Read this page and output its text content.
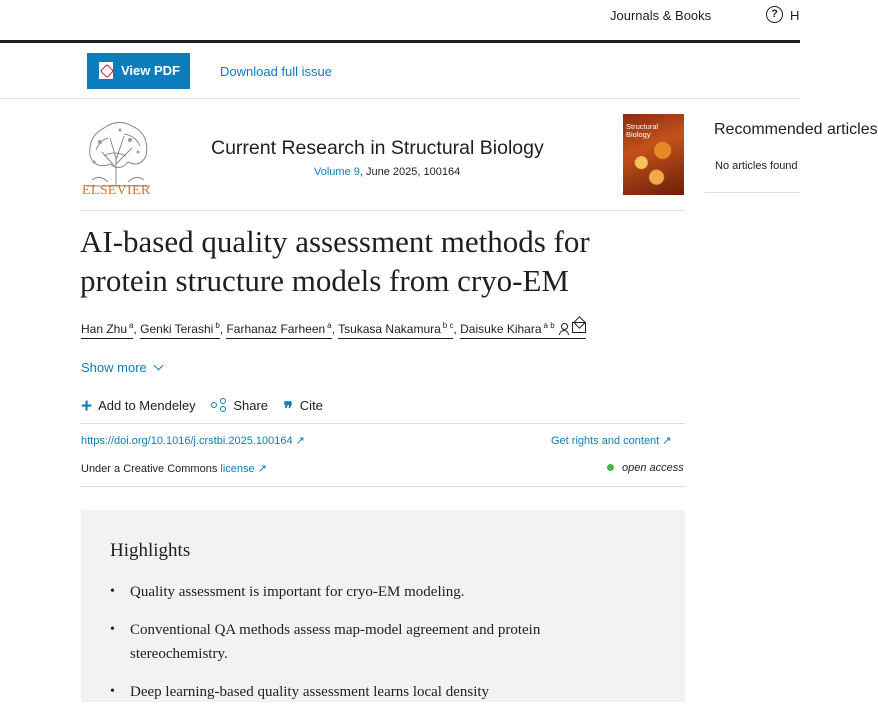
Journals & Books	? H
View PDF	Download full issue
ELSEVIER
Current Research in Structural Biology
Volume 9, June 2025, 100164
Structural Biology	Recommended articles
No articles found
AI-based quality assessment methods for protein structure models from cryo-EM
Han Zhu $^a$, Genki Terashi $^b$, Farhanaz Farheen $^a$, Tsukasa Nakamura $^{b c}$, Daisuke Kihara $^{a b}$
Show more
+ Add to Mendeley	Share ❞ Cite
https://doi.org/10.1016/j.crstbi.2025.100164 ↗	Get rights and content ↗
Under a Creative Commons license ↗	open access
Highlights
• Quality assessment is important for cryo-EM modeling.
• Conventional QA methods assess map-model agreement and protein stereochemistry.
• Deep learning-based quality assessment learns local density
